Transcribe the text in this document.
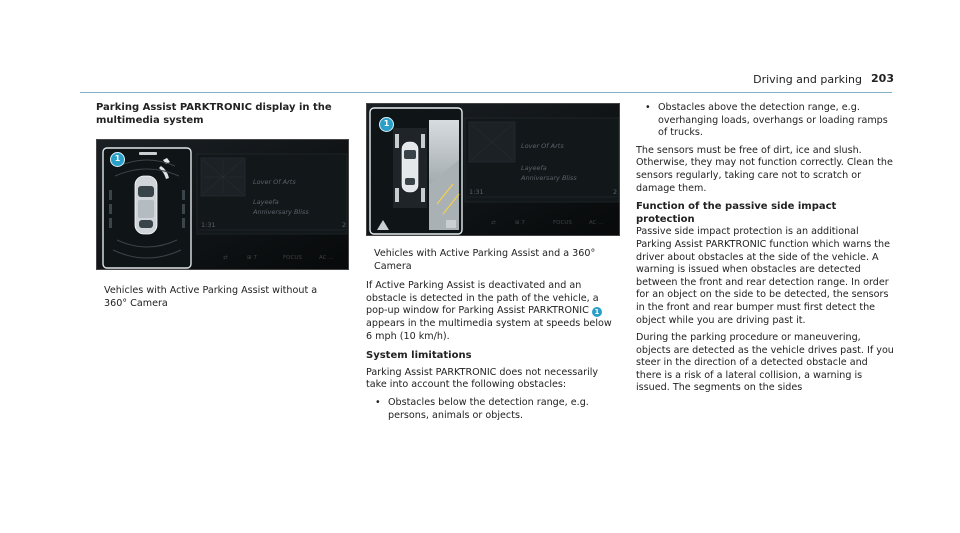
Driving and parking 203
Parking Assist PARKTRONIC display in the multimedia system
1
Lover Of Arts
Layeefa
Anniversary Bliss
1:31	2
⇄	⊞ 7	FOCUS	AC ...
Vehicles with Active Parking Assist without a 360° Camera
1
Lover Of Arts
Layeefa
Anniversary Bliss
1:31	2
⇄	⊞ 7	FOCUS	AC ...
Vehicles with Active Parking Assist and a 360° Camera
If Active Parking Assist is deactivated and an obstacle is detected in the path of the vehicle, a pop-up window for Parking Assist PARKTRONIC 1 appears in the multimedia system at speeds below 6 mph (10 km/h).
System limitations
Parking Assist PARKTRONIC does not necessarily take into account the following obstacles:
• Obstacles below the detection range, e.g. persons, animals or objects.
• Obstacles above the detection range, e.g. overhanging loads, overhangs or loading ramps of trucks.
The sensors must be free of dirt, ice and slush. Otherwise, they may not function correctly. Clean the sensors regularly, taking care not to scratch or damage them.
Function of the passive side impact protection
Passive side impact protection is an additional Parking Assist PARKTRONIC function which warns the driver about obstacles at the side of the vehicle. A warning is issued when obstacles are detected between the front and rear detection range. In order for an object on the side to be detected, the sensors in the front and rear bumper must first detect the object while you are driving past it.
During the parking procedure or maneuvering, objects are detected as the vehicle drives past. If you steer in the direction of a detected obstacle and there is a risk of a lateral collision, a warning is issued. The segments on the sides
